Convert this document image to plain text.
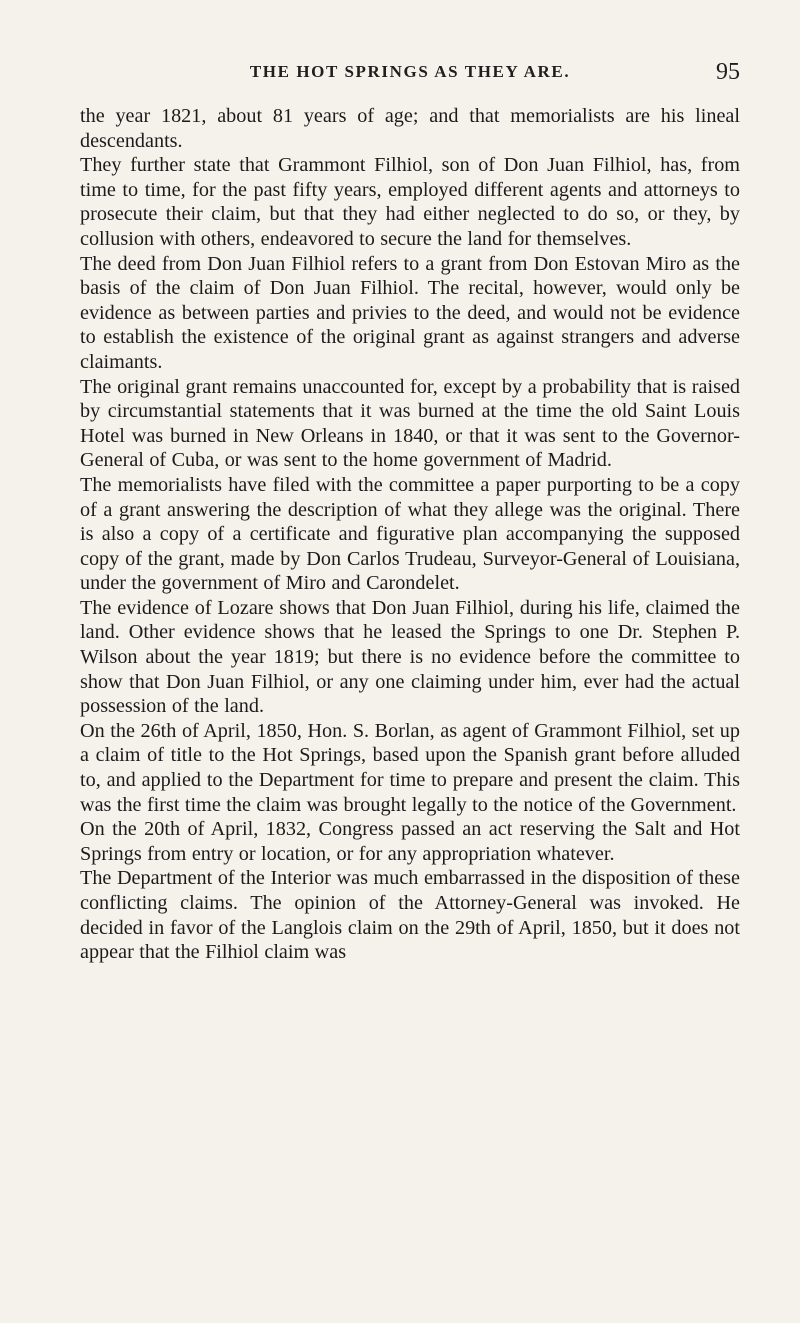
THE HOT SPRINGS AS THEY ARE.	95

the year 1821, about 81 years of age; and that memorialists are his lineal descendants.

They further state that Grammont Filhiol, son of Don Juan Filhiol, has, from time to time, for the past fifty years, employed different agents and attorneys to prosecute their claim, but that they had either neglected to do so, or they, by collusion with others, endeavored to secure the land for themselves.

The deed from Don Juan Filhiol refers to a grant from Don Estovan Miro as the basis of the claim of Don Juan Filhiol. The recital, however, would only be evidence as between parties and privies to the deed, and would not be evidence to establish the existence of the original grant as against strangers and adverse claimants.

The original grant remains unaccounted for, except by a probability that is raised by circumstantial statements that it was burned at the time the old Saint Louis Hotel was burned in New Orleans in 1840, or that it was sent to the Governor-General of Cuba, or was sent to the home government of Madrid.

The memorialists have filed with the committee a paper purporting to be a copy of a grant answering the description of what they allege was the original. There is also a copy of a certificate and figurative plan accompanying the supposed copy of the grant, made by Don Carlos Trudeau, Surveyor-General of Louisiana, under the government of Miro and Carondelet.

The evidence of Lozare shows that Don Juan Filhiol, during his life, claimed the land. Other evidence shows that he leased the Springs to one Dr. Stephen P. Wilson about the year 1819; but there is no evidence before the committee to show that Don Juan Filhiol, or any one claiming under him, ever had the actual possession of the land.

On the 26th of April, 1850, Hon. S. Borlan, as agent of Grammont Filhiol, set up a claim of title to the Hot Springs, based upon the Spanish grant before alluded to, and applied to the Department for time to prepare and present the claim. This was the first time the claim was brought legally to the notice of the Government.

On the 20th of April, 1832, Congress passed an act reserving the Salt and Hot Springs from entry or location, or for any appropriation whatever.

The Department of the Interior was much embarrassed in the disposition of these conflicting claims. The opinion of the Attorney-General was invoked. He decided in favor of the Langlois claim on the 29th of April, 1850, but it does not appear that the Filhiol claim was
